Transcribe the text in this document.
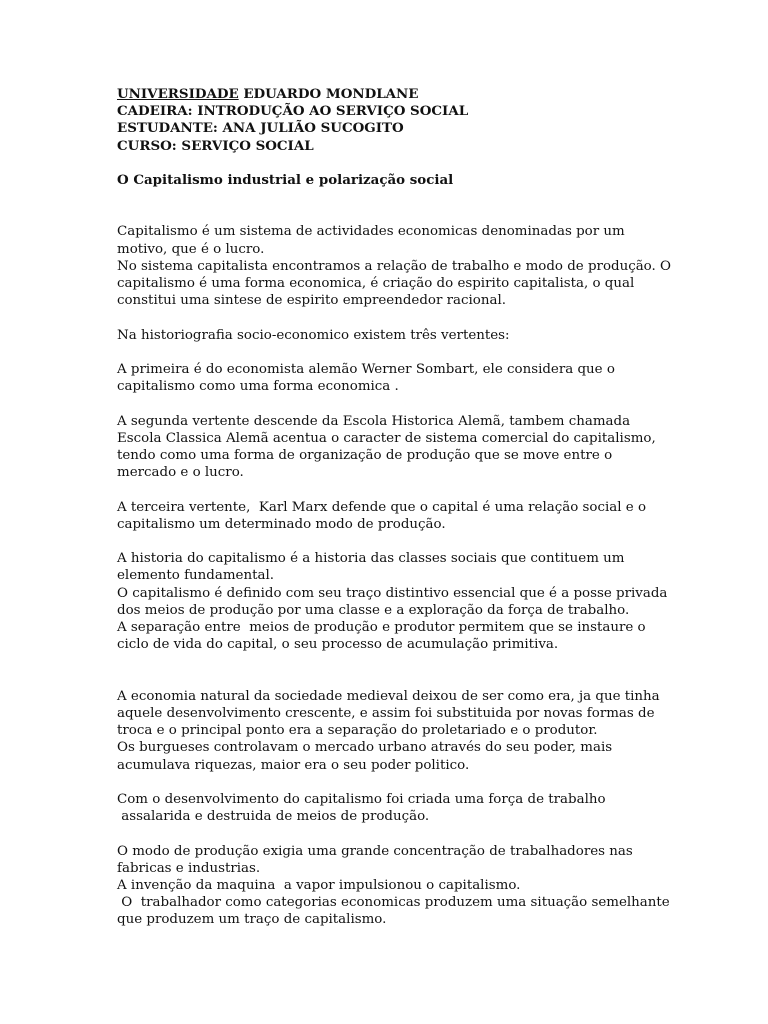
UNIVERSIDADE EDUARDO MONDLANE
CADEIRA: INTRODUÇÃO AO SERVIÇO SOCIAL
ESTUDANTE: ANA JULIÃO SUCOGITO
CURSO: SERVIÇO SOCIAL
O Capitalismo industrial e polarização social
Capitalismo é um sistema de actividades economicas denominadas por um
motivo, que é o lucro.
No sistema capitalista encontramos a relação de trabalho e modo de produção. O
capitalismo é uma forma economica, é criação do espirito capitalista, o qual
constitui uma sintese de espirito empreendedor racional.
Na historiografia socio-economico existem três vertentes:
A primeira é do economista alemão Werner Sombart, ele considera que o
capitalismo como uma forma economica .
A segunda vertente descende da Escola Historica Alemã, tambem chamada
Escola Classica Alemã acentua o caracter de sistema comercial do capitalismo,
tendo como uma forma de organização de produção que se move entre o
mercado e o lucro.
A terceira vertente,  Karl Marx defende que o capital é uma relação social e o
capitalismo um determinado modo de produção.
A historia do capitalismo é a historia das classes sociais que contituem um
elemento fundamental.
O capitalismo é definido com seu traço distintivo essencial que é a posse privada
dos meios de produção por uma classe e a exploração da força de trabalho.
A separação entre  meios de produção e produtor permitem que se instaure o
ciclo de vida do capital, o seu processo de acumulação primitiva.
A economia natural da sociedade medieval deixou de ser como era, ja que tinha
aquele desenvolvimento crescente, e assim foi substituida por novas formas de
troca e o principal ponto era a separação do proletariado e o produtor.
Os burgueses controlavam o mercado urbano através do seu poder, mais
acumulava riquezas, maior era o seu poder politico.
Com o desenvolvimento do capitalismo foi criada uma força de trabalho
assalarida e destruida de meios de produção.
O modo de produção exigia uma grande concentração de trabalhadores nas
fabricas e industrias.
A invenção da maquina  a vapor impulsionou o capitalismo.
O  trabalhador como categorias economicas produzem uma situação semelhante
que produzem um traço de capitalismo.
